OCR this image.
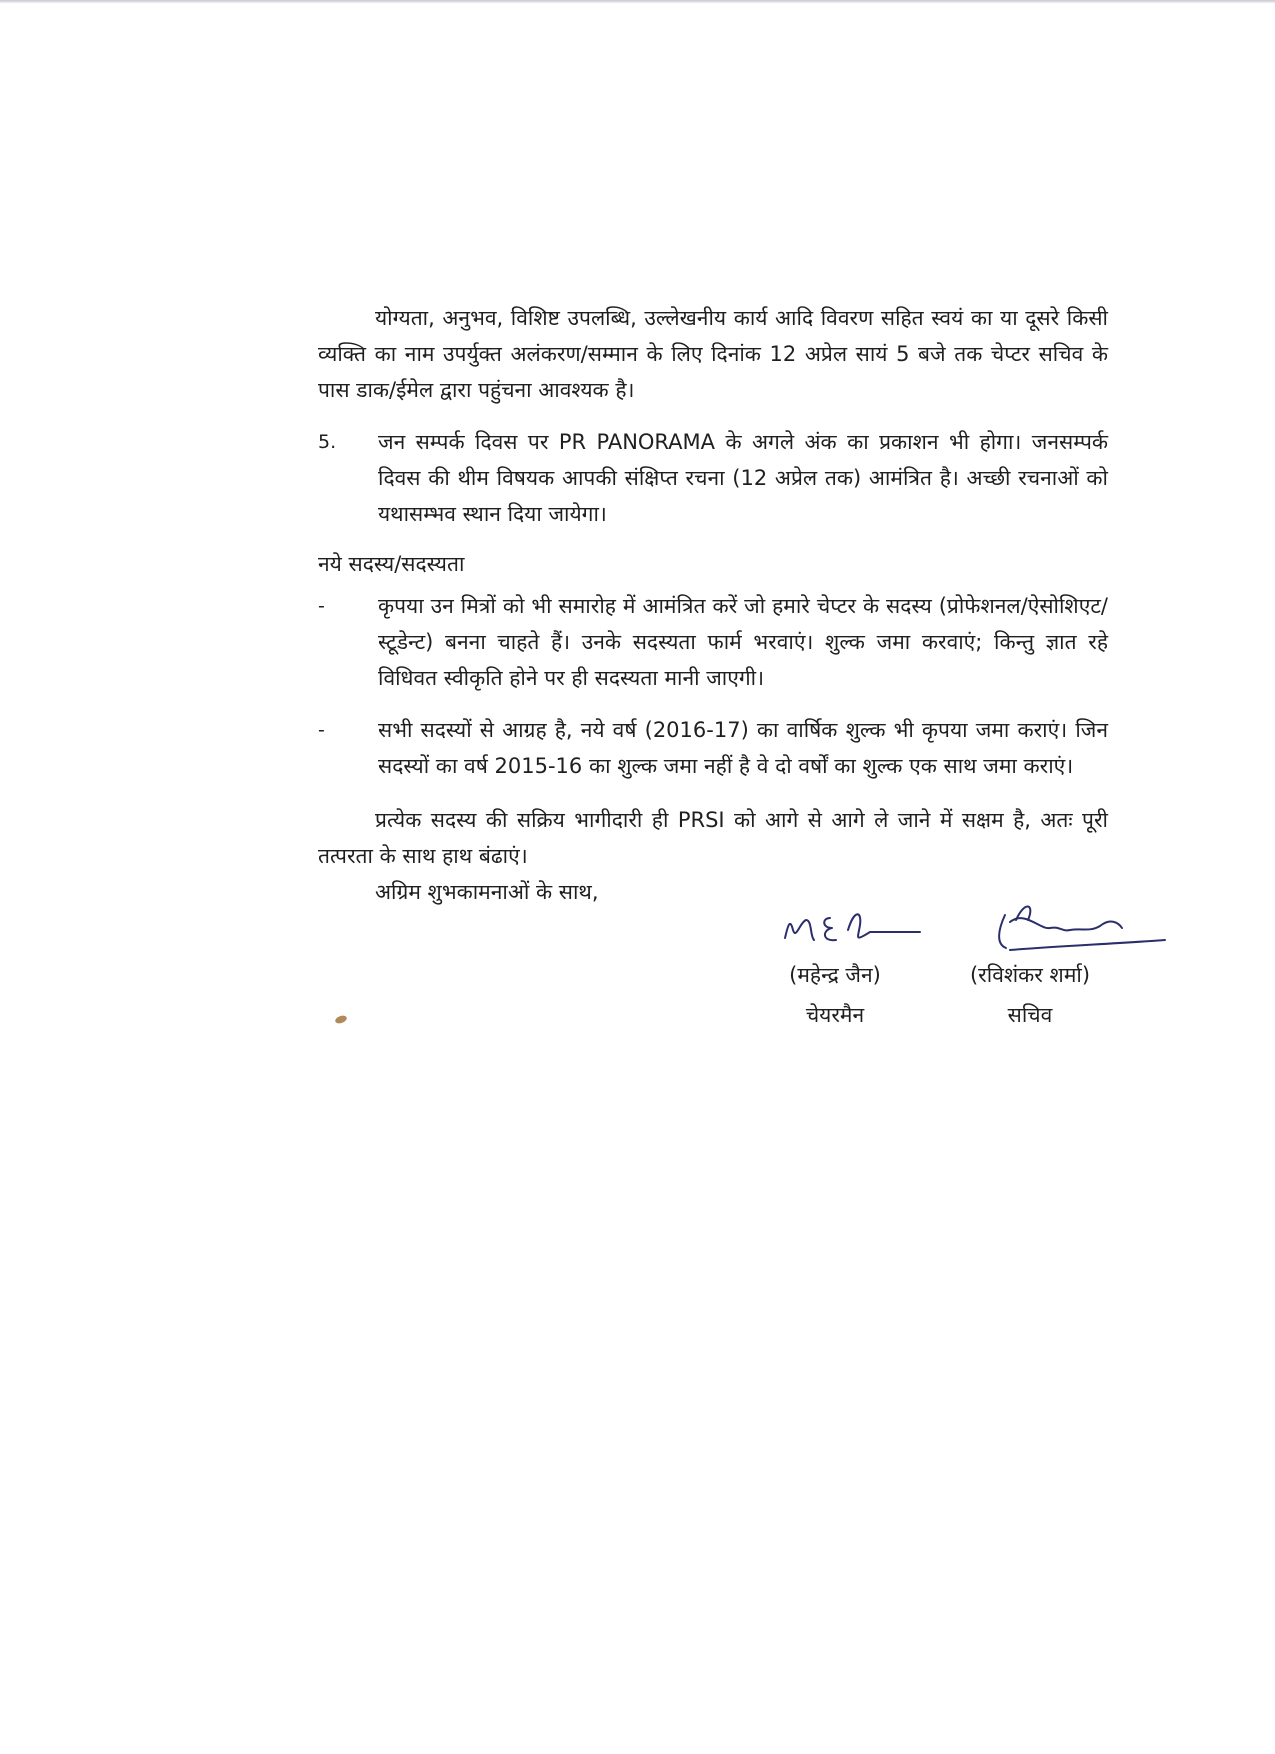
योग्यता, अनुभव, विशिष्ट उपलब्धि, उल्लेखनीय कार्य आदि विवरण सहित स्वयं का या दूसरे किसी व्यक्ति का नाम उपर्युक्त अलंकरण/सम्मान के लिए दिनांक 12 अप्रेल सायं 5 बजे तक चेप्टर सचिव के पास डाक/ईमेल द्वारा पहुंचना आवश्यक है।

5.	जन सम्पर्क दिवस पर PR PANORAMA के अगले अंक का प्रकाशन भी होगा। जनसम्पर्क दिवस की थीम विषयक आपकी संक्षिप्त रचना (12 अप्रेल तक) आमंत्रित है। अच्छी रचनाओं को यथासम्भव स्थान दिया जायेगा।
नये सदस्य/सदस्यता
-	कृपया उन मित्रों को भी समारोह में आमंत्रित करें जो हमारे चेप्टर के सदस्य (प्रोफेशनल/ऐसोशिएट/स्टूडेन्ट) बनना चाहते हैं। उनके सदस्यता फार्म भरवाएं। शुल्क जमा करवाएं; किन्तु ज्ञात रहे विधिवत स्वीकृति होने पर ही सदस्यता मानी जाएगी।
-	सभी सदस्यों से आग्रह है, नये वर्ष (2016-17) का वार्षिक शुल्क भी कृपया जमा कराएं। जिन सदस्यों का वर्ष 2015-16 का शुल्क जमा नहीं है वे दो वर्षों का शुल्क एक साथ जमा कराएं।

प्रत्येक सदस्य की सक्रिय भागीदारी ही PRSI को आगे से आगे ले जाने में सक्षम है, अतः पूरी तत्परता के साथ हाथ बंढाएं।

अग्रिम शुभकामनाओं के साथ,
(महेन्द्र जैन)
चेयरमैन
(रविशंकर शर्मा)
सचिव
